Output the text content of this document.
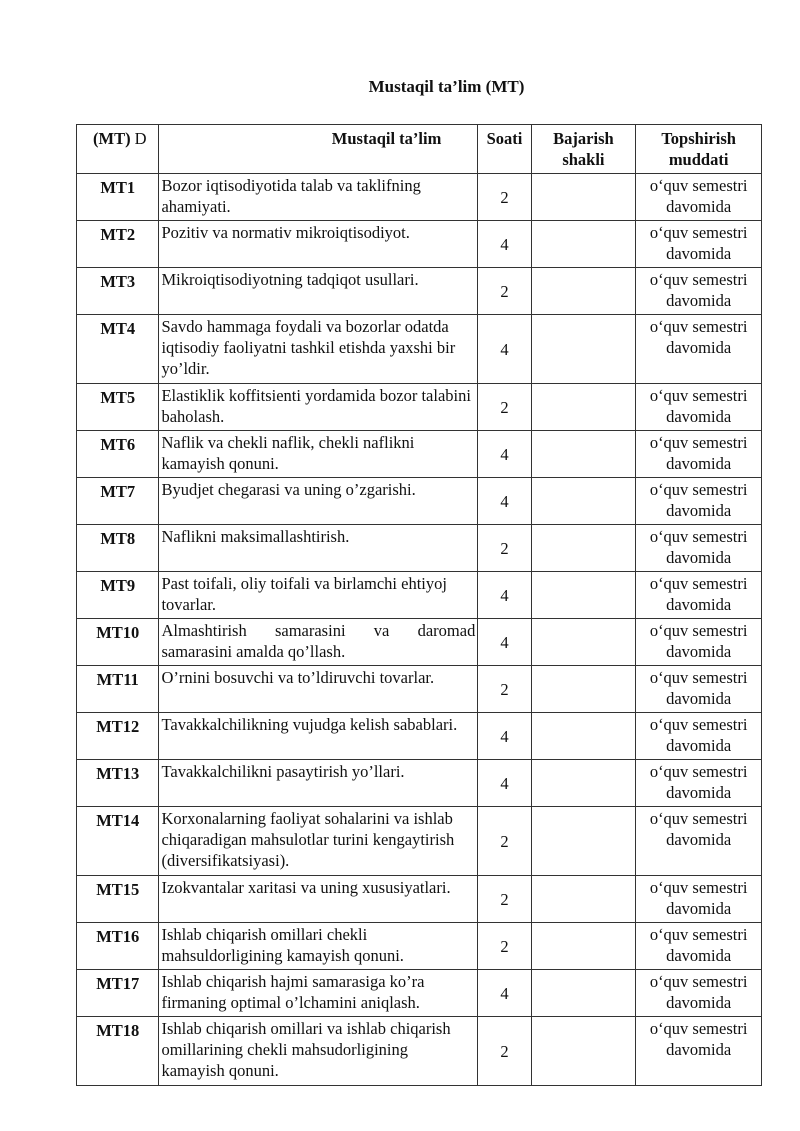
Mustaqil ta’lim (MT)
(MT) D	Mustaqil ta’lim	Soati	Bajarish shakli	Topshirish muddati
MT1	Bozor iqtisodiyotida talab va taklifning ahamiyati.	2		o‘quv semestri davomida
MT2	Pozitiv va normativ mikroiqtisodiyot.	4		o‘quv semestri davomida
MT3	Mikroiqtisodiyotning tadqiqot usullari.	2		o‘quv semestri davomida
MT4	Savdo hammaga foydali va bozorlar odatda iqtisodiy faoliyatni tashkil etishda yaxshi bir yo’ldir.	4		o‘quv semestri davomida
MT5	Elastiklik koffitsienti yordamida bozor talabini baholash.	2		o‘quv semestri davomida
MT6	Naflik va chekli naflik, chekli naflikni kamayish qonuni.	4		o‘quv semestri davomida
MT7	Byudjet chegarasi va uning o’zgarishi.	4		o‘quv semestri davomida
MT8	Naflikni maksimallashtirish.	2		o‘quv semestri davomida
MT9	Past toifali, oliy toifali va birlamchi ehtiyoj tovarlar.	4		o‘quv semestri davomida
MT10	Almashtirish samarasini va daromad samarasini amalda qo’llash.	4		o‘quv semestri davomida
MT11	O’rnini bosuvchi va to’ldiruvchi tovarlar.	2		o‘quv semestri davomida
MT12	Tavakkalchilikning vujudga kelish sabablari.	4		o‘quv semestri davomida
MT13	Tavakkalchilikni pasaytirish yo’llari.	4		o‘quv semestri davomida
MT14	Korxonalarning faoliyat sohalarini va ishlab chiqaradigan mahsulotlar turini kengaytirish (diversifikatsiyasi).	2		o‘quv semestri davomida
MT15	Izokvantalar xaritasi va uning xususiyatlari.	2		o‘quv semestri davomida
MT16	Ishlab chiqarish omillari chekli mahsuldorligining kamayish qonuni.	2		o‘quv semestri davomida
MT17	Ishlab chiqarish hajmi samarasiga ko’ra firmaning optimal o’lchamini aniqlash.	4		o‘quv semestri davomida
MT18	Ishlab chiqarish omillari va ishlab chiqarish omillarining chekli mahsudorligining kamayish qonuni.	2		o‘quv semestri davomida
